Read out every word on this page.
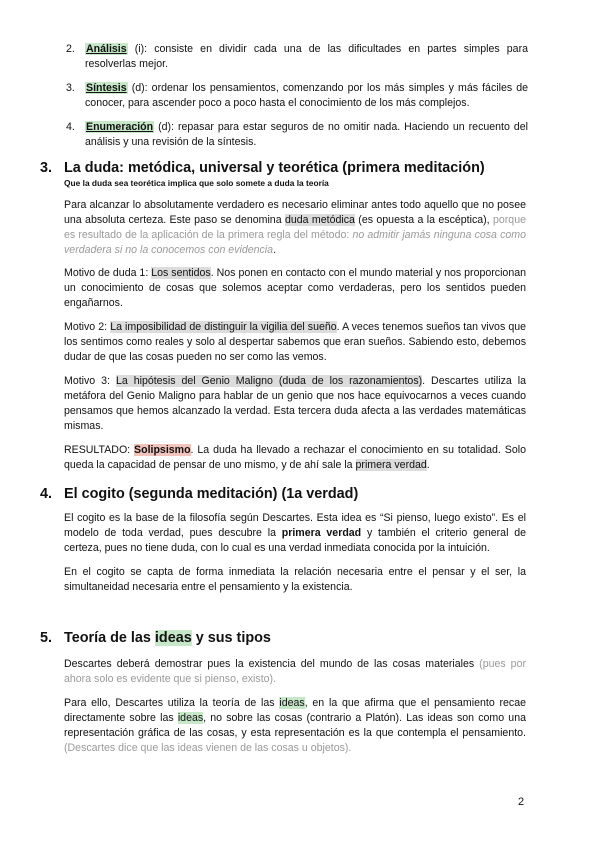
2. Análisis (i): consiste en dividir cada una de las dificultades en partes simples para resolverlas mejor.

3. Síntesis (d): ordenar los pensamientos, comenzando por los más simples y más fáciles de conocer, para ascender poco a poco hasta el conocimiento de los más complejos.

4. Enumeración (d): repasar para estar seguros de no omitir nada. Haciendo un recuento del análisis y una revisión de la síntesis.

3. La duda: metódica, universal y teorética (primera meditación)
Que la duda sea teorética implica que solo somete a duda la teoría

Para alcanzar lo absolutamente verdadero es necesario eliminar antes todo aquello que no posee una absoluta certeza. Este paso se denomina duda metódica (es opuesta a la escéptica), porque es resultado de la aplicación de la primera regla del método: no admitir jamás ninguna cosa como verdadera si no la conocemos con evidencia.

Motivo de duda 1: Los sentidos. Nos ponen en contacto con el mundo material y nos proporcionan un conocimiento de cosas que solemos aceptar como verdaderas, pero los sentidos pueden engañarnos.

Motivo 2: La imposibilidad de distinguir la vigilia del sueño. A veces tenemos sueños tan vivos que los sentimos como reales y solo al despertar sabemos que eran sueños. Sabiendo esto, debemos dudar de que las cosas pueden no ser como las vemos.

Motivo 3: La hipótesis del Genio Maligno (duda de los razonamientos). Descartes utiliza la metáfora del Genio Maligno para hablar de un genio que nos hace equivocarnos a veces cuando pensamos que hemos alcanzado la verdad. Esta tercera duda afecta a las verdades matemáticas mismas.

RESULTADO: Solipsismo. La duda ha llevado a rechazar el conocimiento en su totalidad. Solo queda la capacidad de pensar de uno mismo, y de ahí sale la primera verdad.

4. El cogito (segunda meditación) (1a verdad)

El cogito es la base de la filosofía según Descartes. Esta idea es “Si pienso, luego existo”. Es el modelo de toda verdad, pues descubre la primera verdad y también el criterio general de certeza, pues no tiene duda, con lo cual es una verdad inmediata conocida por la intuición.

En el cogito se capta de forma inmediata la relación necesaria entre el pensar y el ser, la simultaneidad necesaria entre el pensamiento y la existencia.

5. Teoría de las ideas y sus tipos

Descartes deberá demostrar pues la existencia del mundo de las cosas materiales (pues por ahora solo es evidente que si pienso, existo).

Para ello, Descartes utiliza la teoría de las ideas, en la que afirma que el pensamiento recae directamente sobre las ideas, no sobre las cosas (contrario a Platón). Las ideas son como una representación gráfica de las cosas, y esta representación es la que contempla el pensamiento. (Descartes dice que las ideas vienen de las cosas u objetos).

2
